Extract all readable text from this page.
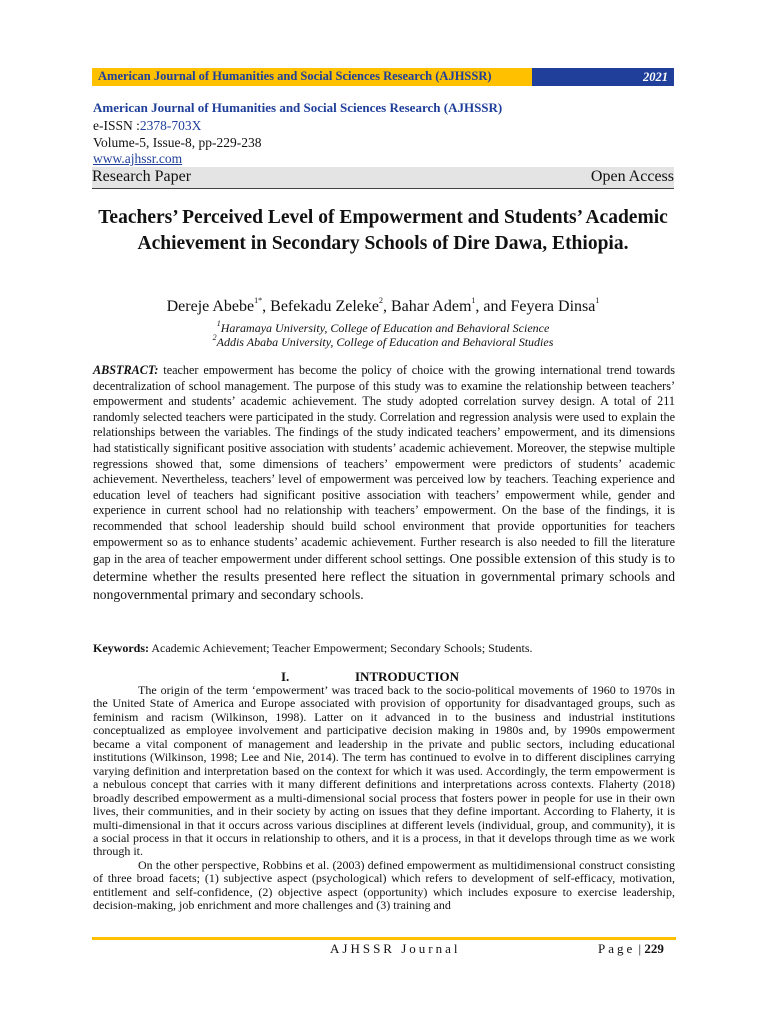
American Journal of Humanities and Social Sciences Research (AJHSSR)	2021
American Journal of Humanities and Social Sciences Research (AJHSSR)
e-ISSN :2378-703X
Volume-5, Issue-8, pp-229-238
www.ajhssr.com
Research Paper	Open Access
Teachers’ Perceived Level of Empowerment and Students’ Academic Achievement in Secondary Schools of Dire Dawa, Ethiopia.
Dereje Abebe$^{1*}$, Befekadu Zeleke$^2$, Bahar Adem$^1$, and Feyera Dinsa$^1$
$^1$Haramaya University, College of Education and Behavioral Science
$^2$Addis Ababa University, College of Education and Behavioral Studies
ABSTRACT: teacher empowerment has become the policy of choice with the growing international trend towards decentralization of school management. The purpose of this study was to examine the relationship between teachers’ empowerment and students’ academic achievement. The study adopted correlation survey design. A total of 211 randomly selected teachers were participated in the study. Correlation and regression analysis were used to explain the relationships between the variables. The findings of the study indicated teachers’ empowerment, and its dimensions had statistically significant positive association with students’ academic achievement. Moreover, the stepwise multiple regressions showed that, some dimensions of teachers’ empowerment were predictors of students’ academic achievement. Nevertheless, teachers’ level of empowerment was perceived low by teachers. Teaching experience and education level of teachers had significant positive association with teachers’ empowerment while, gender and experience in current school had no relationship with teachers’ empowerment. On the base of the findings, it is recommended that school leadership should build school environment that provide opportunities for teachers empowerment so as to enhance students’ academic achievement. Further research is also needed to fill the literature gap in the area of teacher empowerment under different school settings. One possible extension of this study is to determine whether the results presented here reflect the situation in governmental primary schools and nongovernmental primary and secondary schools.
Keywords: Academic Achievement; Teacher Empowerment; Secondary Schools; Students.
I.	INTRODUCTION

The origin of the term ‘empowerment’ was traced back to the socio-political movements of 1960 to 1970s in the United State of America and Europe associated with provision of opportunity for disadvantaged groups, such as feminism and racism (Wilkinson, 1998). Latter on it advanced in to the business and industrial institutions conceptualized as employee involvement and participative decision making in 1980s and, by 1990s empowerment became a vital component of management and leadership in the private and public sectors, including educational institutions (Wilkinson, 1998; Lee and Nie, 2014). The term has continued to evolve in to different disciplines carrying varying definition and interpretation based on the context for which it was used. Accordingly, the term empowerment is a nebulous concept that carries with it many different definitions and interpretations across contexts. Flaherty (2018) broadly described empowerment as a multi-dimensional social process that fosters power in people for use in their own lives, their communities, and in their society by acting on issues that they define important. According to Flaherty, it is multi-dimensional in that it occurs across various disciplines at different levels (individual, group, and community), it is a social process in that it occurs in relationship to others, and it is a process, in that it develops through time as we work through it.

On the other perspective, Robbins et al. (2003) defined empowerment as multidimensional construct consisting of three broad facets; (1) subjective aspect (psychological) which refers to development of self-efficacy, motivation, entitlement and self-confidence, (2) objective aspect (opportunity) which includes exposure to exercise leadership, decision-making, job enrichment and more challenges and (3) training and

AJHSSR Journal	Page | 229
